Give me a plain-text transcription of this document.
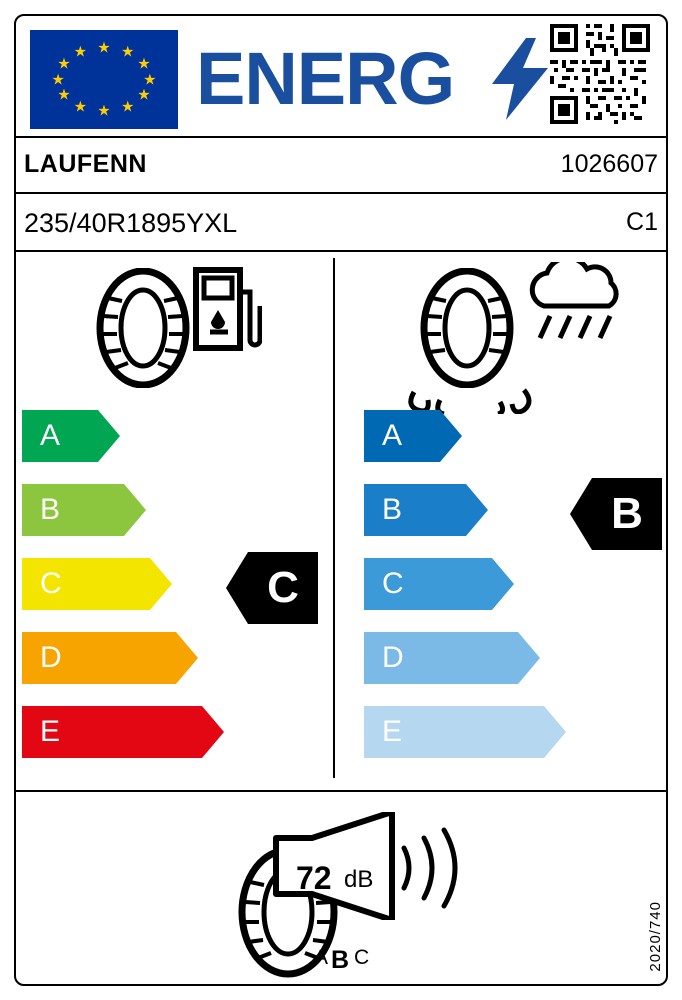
★ ★
★
★
★
★
★
★
★
★
★
★ ENERG
LAUFENN	1026607
235/40R1895YXL	C1
A
B
C
D
E
C
A
B
C
D
E
B
72 dB
A B C	2020/740
